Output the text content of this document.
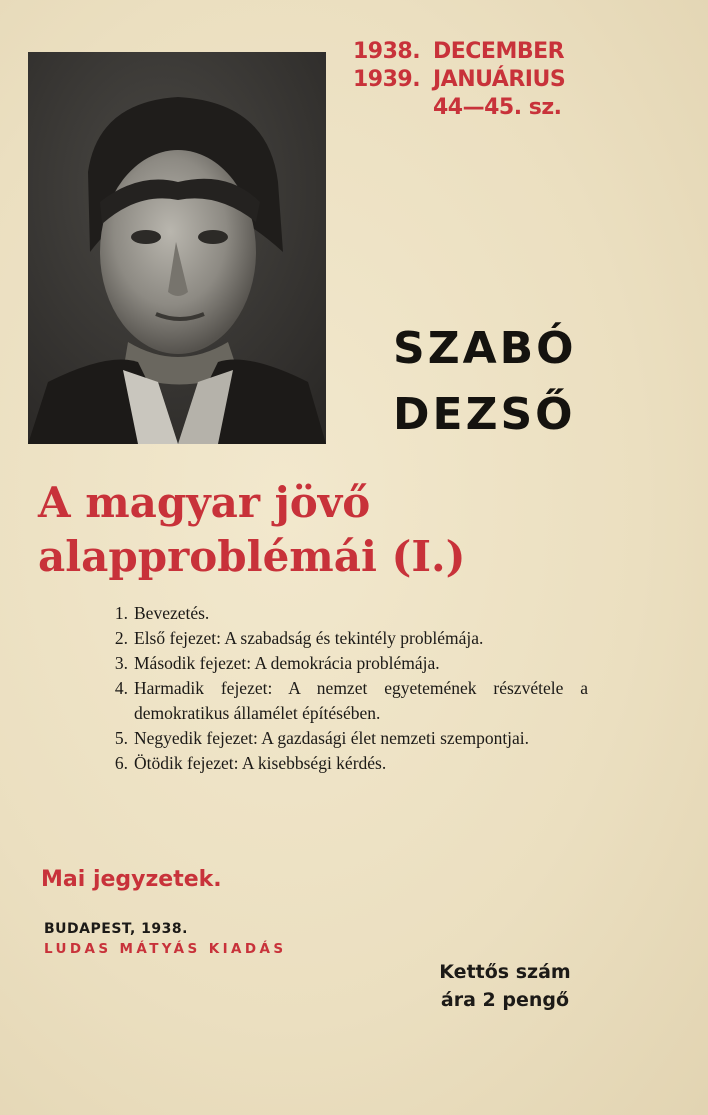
1938. DECEMBER
1939. JANUÁRIUS
44—45. sz.
SZABÓ
DEZSŐ
A magyar jövő
alapproblémái (I.)
1. Bevezetés.
2. Első fejezet: A szabadság és tekintély problémája.
3. Második fejezet: A demokrácia problémája.
4. Harmadik fejezet: A nemzet egyetemének részvétele a demokratikus államélet építésében.
5. Negyedik fejezet: A gazdasági élet nemzeti szempontjai.
6. Ötödik fejezet: A kisebbségi kérdés.
Mai jegyzetek.
BUDAPEST, 1938.
LUDAS MÁTYÁS KIADÁS
Kettős szám
ára 2 pengő
